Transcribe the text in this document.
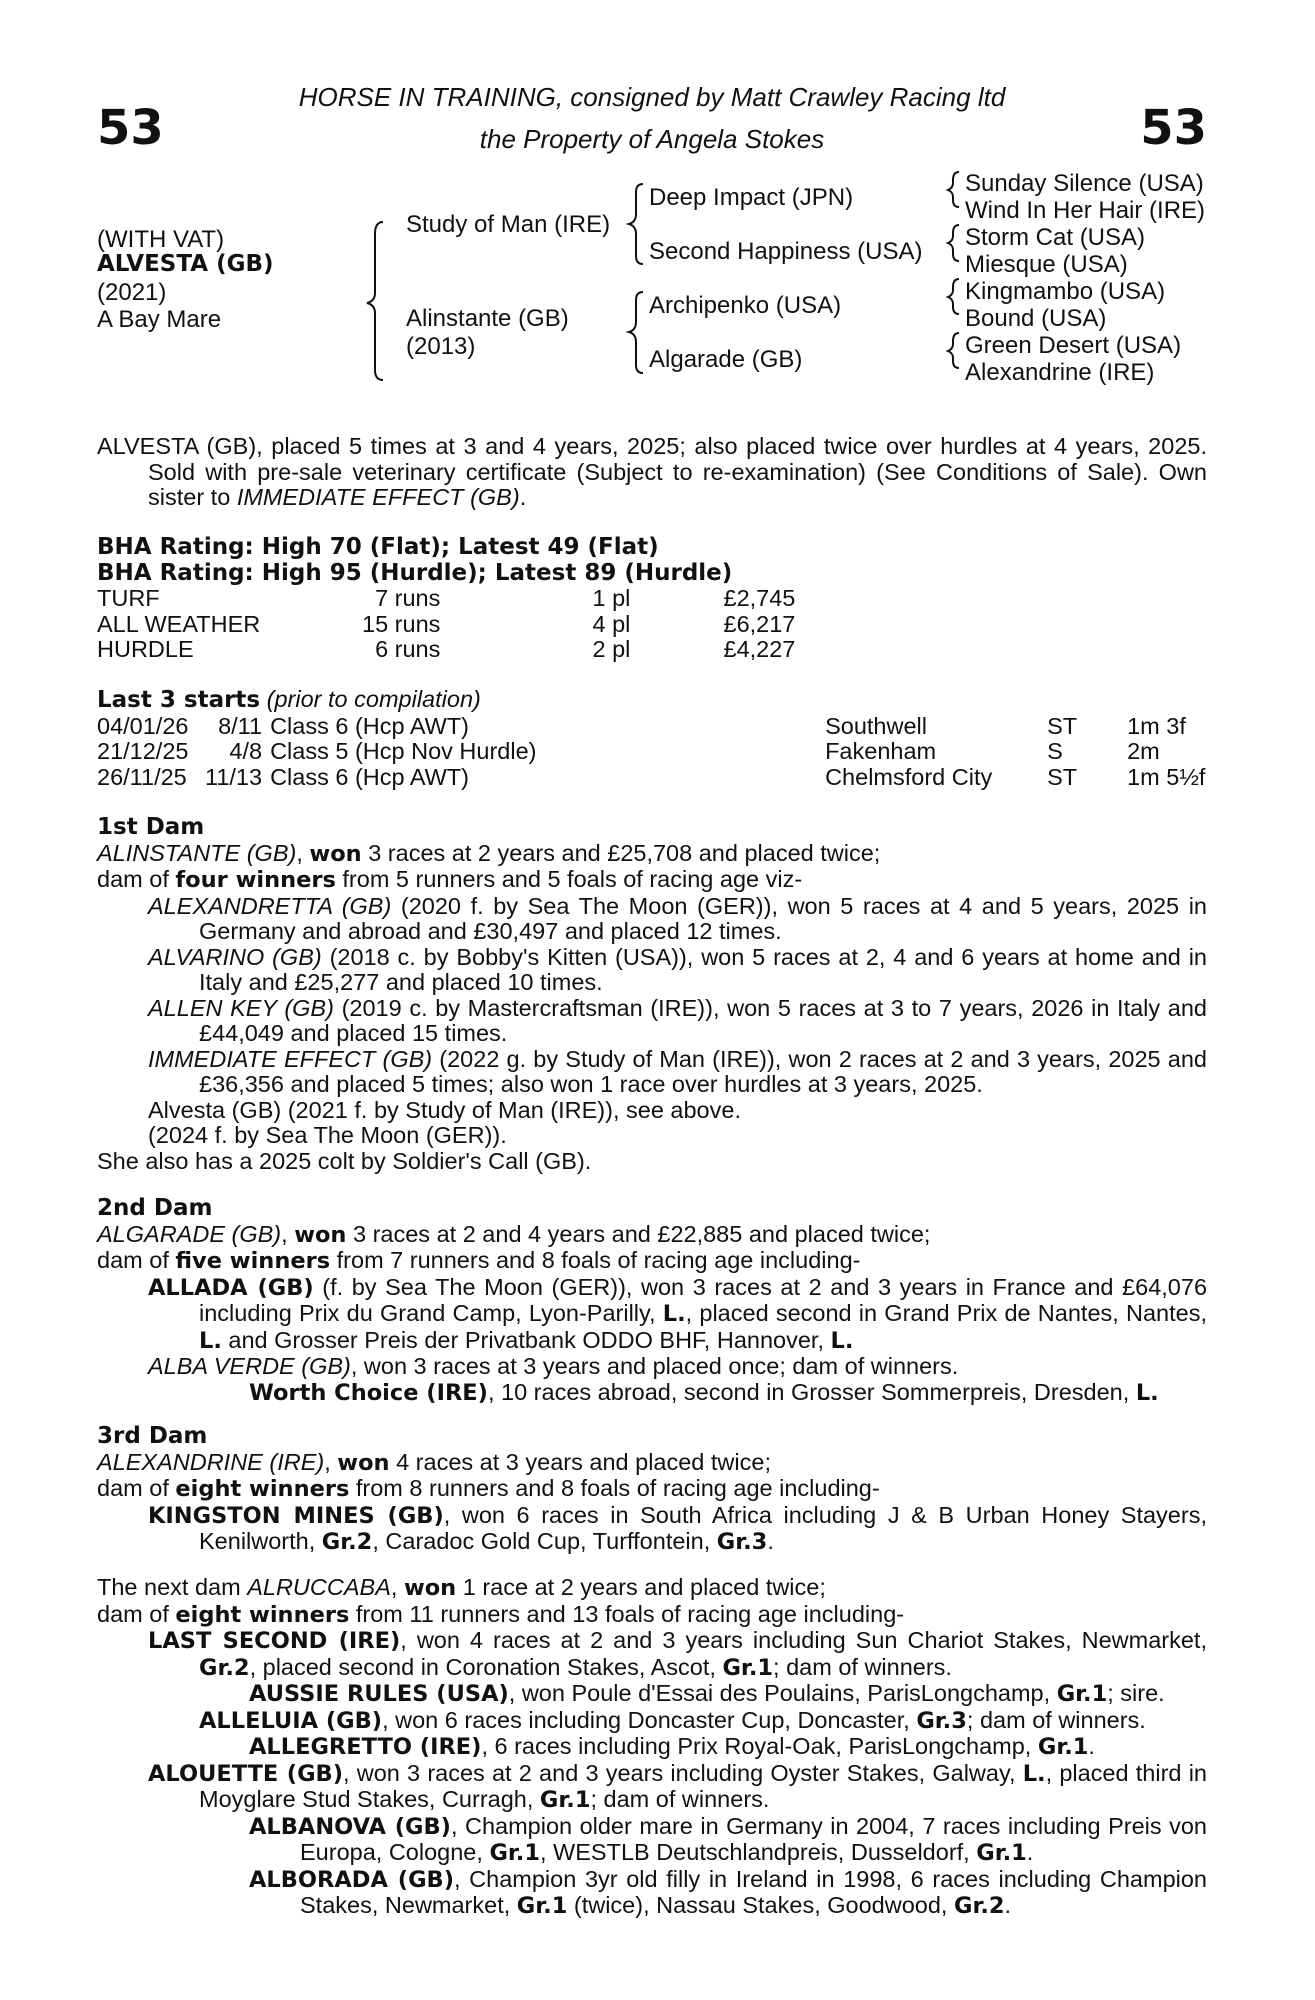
53	53
HORSE IN TRAINING, consigned by Matt Crawley Racing ltd
the Property of Angela Stokes
(WITH VAT)
ALVESTA (GB)
(2021)
A Bay Mare
Study of Man (IRE)
Alinstante (GB)
(2013)
Deep Impact (JPN)
Second Happiness (USA)
Archipenko (USA)
Algarade (GB)
Sunday Silence (USA)
Wind In Her Hair (IRE)
Storm Cat (USA)
Miesque (USA)
Kingmambo (USA)
Bound (USA)
Green Desert (USA)
Alexandrine (IRE)

ALVESTA (GB), placed 5 times at 3 and 4 years, 2025; also placed twice over hurdles at 4 years, 2025. Sold with pre-sale veterinary certificate (Subject to re-examination) (See Conditions of Sale). Own sister to IMMEDIATE EFFECT (GB).

BHA Rating: High 70 (Flat); Latest 49 (Flat)
BHA Rating: High 95 (Hurdle); Latest 89 (Hurdle)
TURF	7 runs	1 pl	£2,745
ALL WEATHER	15 runs	4 pl	£6,217
HURDLE	6 runs	2 pl	£4,227
Last 3 starts (prior to compilation)
04/01/26	8/11	Class 6 (Hcp AWT)	Southwell	ST	1m 3f
21/12/25	4/8	Class 5 (Hcp Nov Hurdle)	Fakenham	S	2m
26/11/25	11/13	Class 6 (Hcp AWT)	Chelmsford City	ST	1m 5½f
1st Dam

ALINSTANTE (GB), won 3 races at 2 years and £25,708 and placed twice;

dam of four winners from 5 runners and 5 foals of racing age viz-

ALEXANDRETTA (GB) (2020 f. by Sea The Moon (GER)), won 5 races at 4 and 5 years, 2025 in Germany and abroad and £30,497 and placed 12 times.

ALVARINO (GB) (2018 c. by Bobby's Kitten (USA)), won 5 races at 2, 4 and 6 years at home and in Italy and £25,277 and placed 10 times.

ALLEN KEY (GB) (2019 c. by Mastercraftsman (IRE)), won 5 races at 3 to 7 years, 2026 in Italy and £44,049 and placed 15 times.

IMMEDIATE EFFECT (GB) (2022 g. by Study of Man (IRE)), won 2 races at 2 and 3 years, 2025 and £36,356 and placed 5 times; also won 1 race over hurdles at 3 years, 2025.

Alvesta (GB) (2021 f. by Study of Man (IRE)), see above.

(2024 f. by Sea The Moon (GER)).

She also has a 2025 colt by Soldier's Call (GB).

2nd Dam

ALGARADE (GB), won 3 races at 2 and 4 years and £22,885 and placed twice;

dam of five winners from 7 runners and 8 foals of racing age including-

ALLADA (GB) (f. by Sea The Moon (GER)), won 3 races at 2 and 3 years in France and £64,076 including Prix du Grand Camp, Lyon-Parilly, L., placed second in Grand Prix de Nantes, Nantes, L. and Grosser Preis der Privatbank ODDO BHF, Hannover, L.

ALBA VERDE (GB), won 3 races at 3 years and placed once; dam of winners.

Worth Choice (IRE), 10 races abroad, second in Grosser Sommerpreis, Dresden, L.

3rd Dam

ALEXANDRINE (IRE), won 4 races at 3 years and placed twice;

dam of eight winners from 8 runners and 8 foals of racing age including-

KINGSTON MINES (GB), won 6 races in South Africa including J & B Urban Honey Stayers, Kenilworth, Gr.2, Caradoc Gold Cup, Turffontein, Gr.3.

The next dam ALRUCCABA, won 1 race at 2 years and placed twice;

dam of eight winners from 11 runners and 13 foals of racing age including-

LAST SECOND (IRE), won 4 races at 2 and 3 years including Sun Chariot Stakes, Newmarket, Gr.2, placed second in Coronation Stakes, Ascot, Gr.1; dam of winners.

AUSSIE RULES (USA), won Poule d'Essai des Poulains, ParisLongchamp, Gr.1; sire.

ALLELUIA (GB), won 6 races including Doncaster Cup, Doncaster, Gr.3; dam of winners.

ALLEGRETTO (IRE), 6 races including Prix Royal-Oak, ParisLongchamp, Gr.1.

ALOUETTE (GB), won 3 races at 2 and 3 years including Oyster Stakes, Galway, L., placed third in Moyglare Stud Stakes, Curragh, Gr.1; dam of winners.

ALBANOVA (GB), Champion older mare in Germany in 2004, 7 races including Preis von Europa, Cologne, Gr.1, WESTLB Deutschlandpreis, Dusseldorf, Gr.1.

ALBORADA (GB), Champion 3yr old filly in Ireland in 1998, 6 races including Champion Stakes, Newmarket, Gr.1 (twice), Nassau Stakes, Goodwood, Gr.2.
